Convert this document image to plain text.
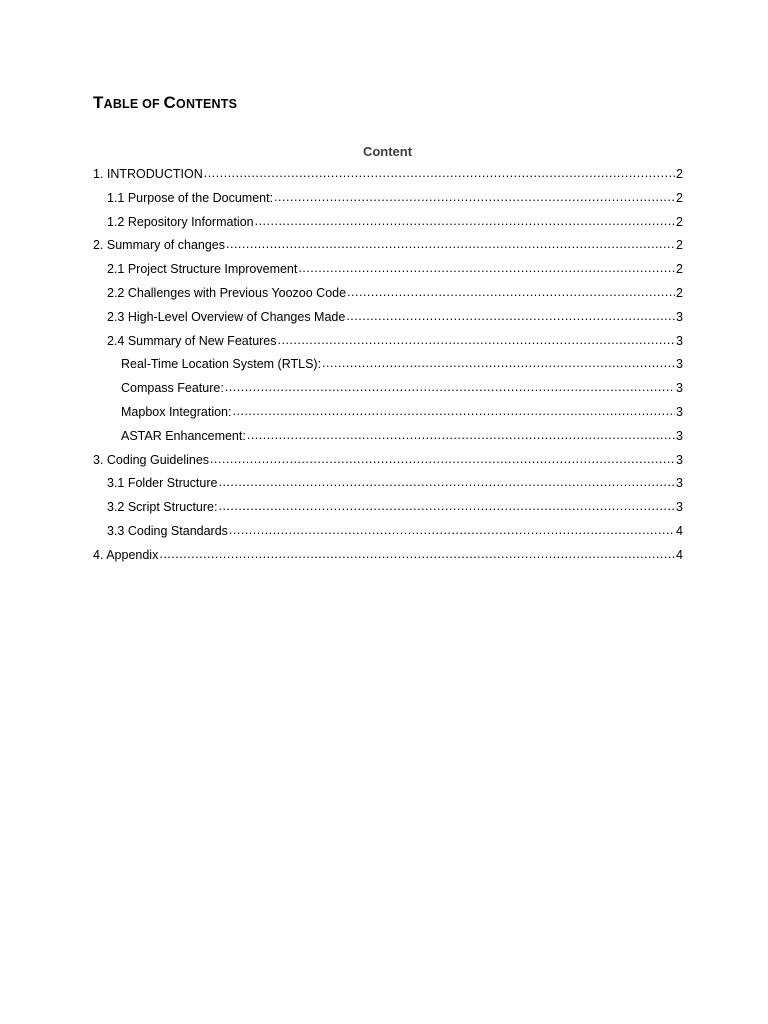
TABLE OF CONTENTS
Content
1. INTRODUCTION .....	2
1.1 Purpose of the Document: .....	2
1.2 Repository Information .....	2
2. Summary of changes .....	2
2.1 Project Structure Improvement .....	2
2.2 Challenges with Previous Yoozoo Code .....	2
2.3 High-Level Overview of Changes Made .....	3
2.4 Summary of New Features .....	3
Real-Time Location System (RTLS): .....	3
Compass Feature: .....	3
Mapbox Integration: .....	3
ASTAR Enhancement: .....	3
3. Coding Guidelines .....	3
3.1 Folder Structure .....	3
3.2 Script Structure: .....	3
3.3 Coding Standards .....	4
4. Appendix .....	4
